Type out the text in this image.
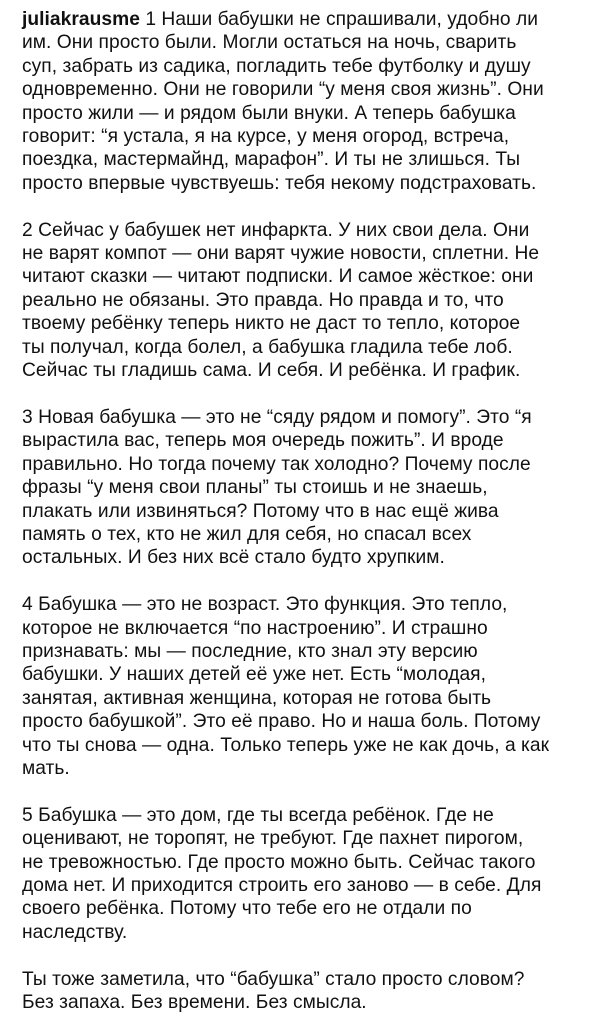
juliakrausme 1 Наши бабушки не спрашивали, удобно ли
им. Они просто были. Могли остаться на ночь, сварить
суп, забрать из садика, погладить тебе футболку и душу
одновременно. Они не говорили “у меня своя жизнь”. Они
просто жили — и рядом были внуки. А теперь бабушка
говорит: “я устала, я на курсе, у меня огород, встреча,
поездка, мастермайнд, марафон”. И ты не злишься. Ты
просто впервые чувствуешь: тебя некому подстраховать.

2 Сейчас у бабушек нет инфаркта. У них свои дела. Они
не варят компот — они варят чужие новости, сплетни. Не
читают сказки — читают подписки. И самое жёсткое: они
реально не обязаны. Это правда. Но правда и то, что
твоему ребёнку теперь никто не даст то тепло, которое
ты получал, когда болел, а бабушка гладила тебе лоб.
Сейчас ты гладишь сама. И себя. И ребёнка. И график.

3 Новая бабушка — это не “сяду рядом и помогу”. Это “я
вырастила вас, теперь моя очередь пожить”. И вроде
правильно. Но тогда почему так холодно? Почему после
фразы “у меня свои планы” ты стоишь и не знаешь,
плакать или извиняться? Потому что в нас ещё жива
память о тех, кто не жил для себя, но спасал всех
остальных. И без них всё стало будто хрупким.

4 Бабушка — это не возраст. Это функция. Это тепло,
которое не включается “по настроению”. И страшно
признавать: мы — последние, кто знал эту версию
бабушки. У наших детей её уже нет. Есть “молодая,
занятая, активная женщина, которая не готова быть
просто бабушкой”. Это её право. Но и наша боль. Потому
что ты снова — одна. Только теперь уже не как дочь, а как
мать.

5 Бабушка — это дом, где ты всегда ребёнок. Где не
оценивают, не торопят, не требуют. Где пахнет пирогом,
не тревожностью. Где просто можно быть. Сейчас такого
дома нет. И приходится строить его заново — в себе. Для
своего ребёнка. Потому что тебе его не отдали по
наследству.

Ты тоже заметила, что “бабушка” стало просто словом?
Без запаха. Без времени. Без смысла.
